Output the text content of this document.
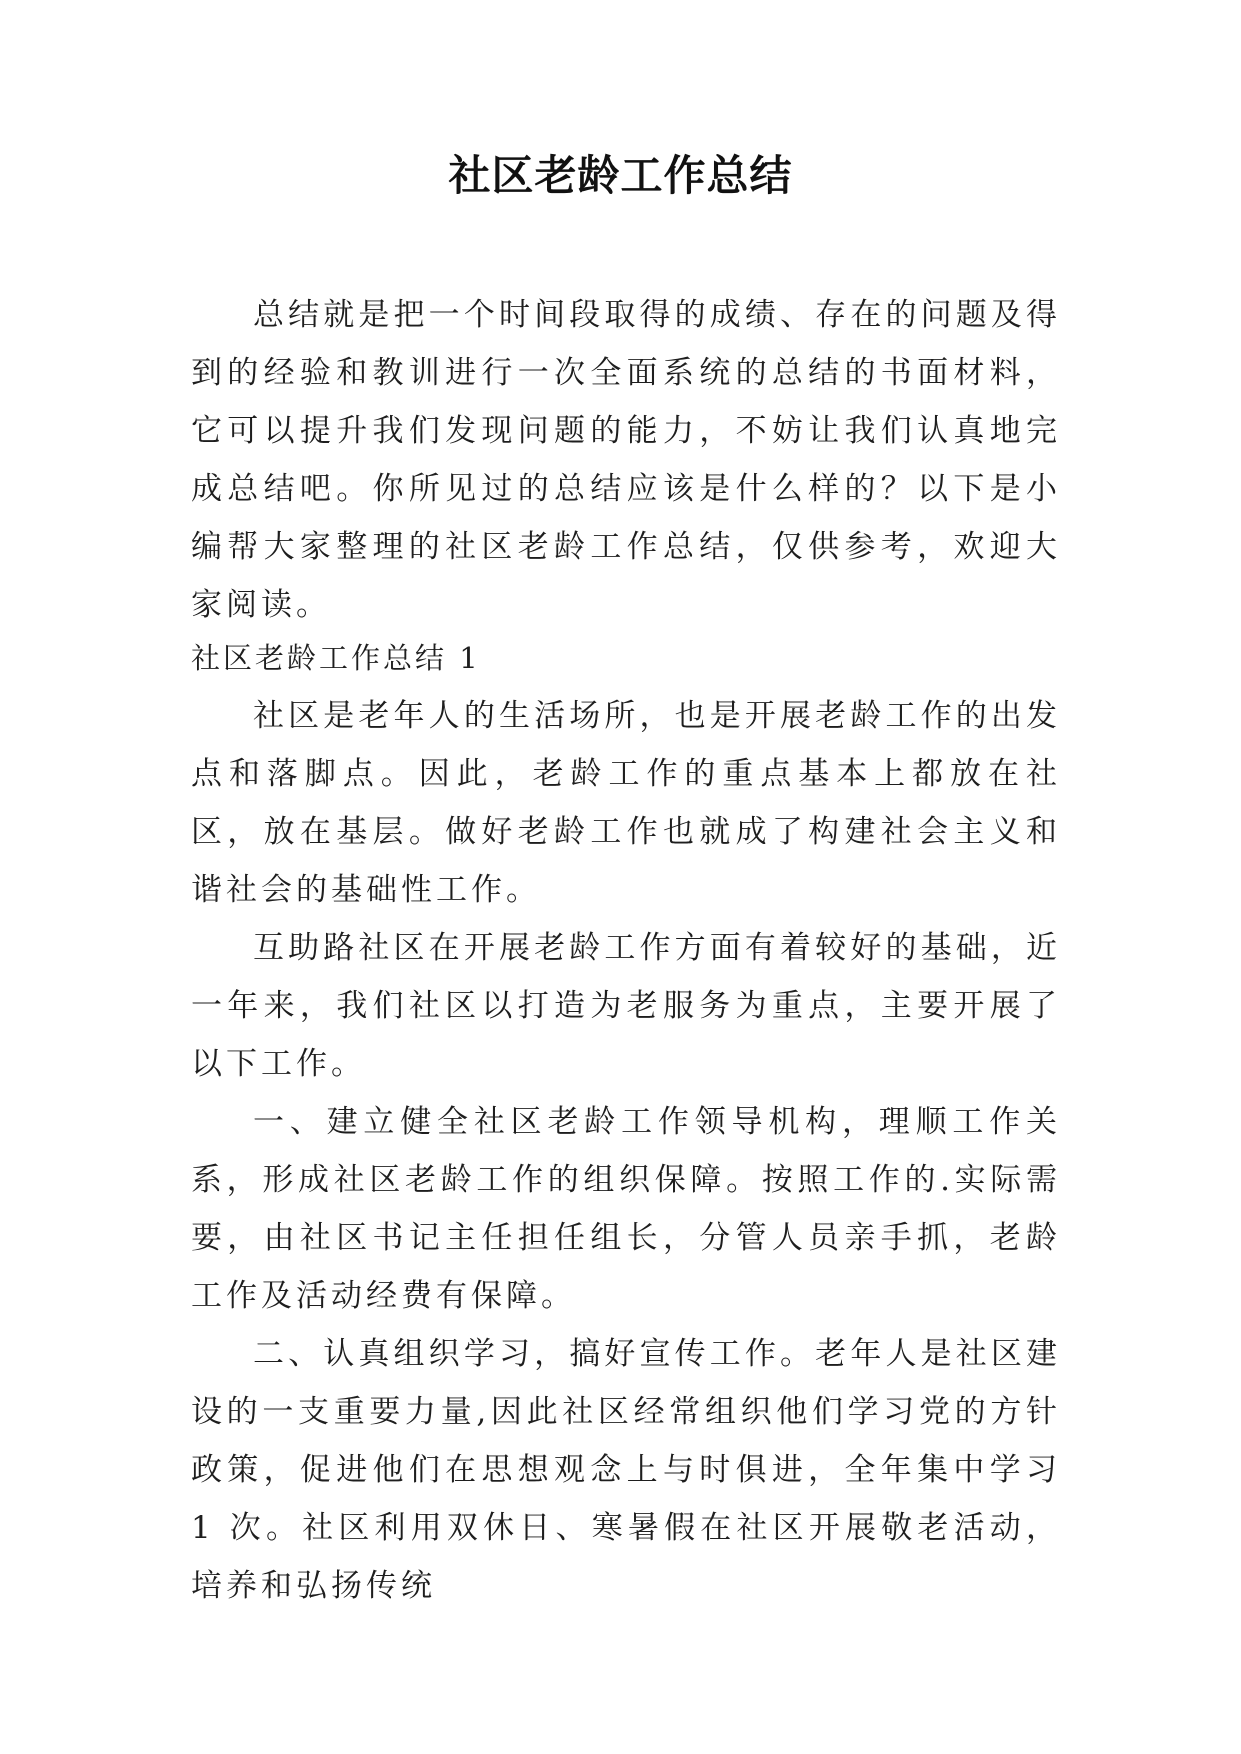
社区老龄工作总结

总结就是把一个时间段取得的成绩、存在的问题及得到的经验和教训进行一次全面系统的总结的书面材料，它可以提升我们发现问题的能力，不妨让我们认真地完成总结吧。你所见过的总结应该是什么样的？以下是小编帮大家整理的社区老龄工作总结，仅供参考，欢迎大家阅读。

社区老龄工作总结 1

社区是老年人的生活场所，也是开展老龄工作的出发点和落脚点。因此，老龄工作的重点基本上都放在社区，放在基层。做好老龄工作也就成了构建社会主义和谐社会的基础性工作。

互助路社区在开展老龄工作方面有着较好的基础，近一年来，我们社区以打造为老服务为重点，主要开展了以下工作。

一、建立健全社区老龄工作领导机构，理顺工作关系，形成社区老龄工作的组织保障。按照工作的.实际需要，由社区书记主任担任组长，分管人员亲手抓，老龄工作及活动经费有保障。

二、认真组织学习，搞好宣传工作。老年人是社区建设的一支重要力量,因此社区经常组织他们学习党的方针政策，促进他们在思想观念上与时俱进，全年集中学习 1 次。社区利用双休日、寒暑假在社区开展敬老活动，培养和弘扬传统
